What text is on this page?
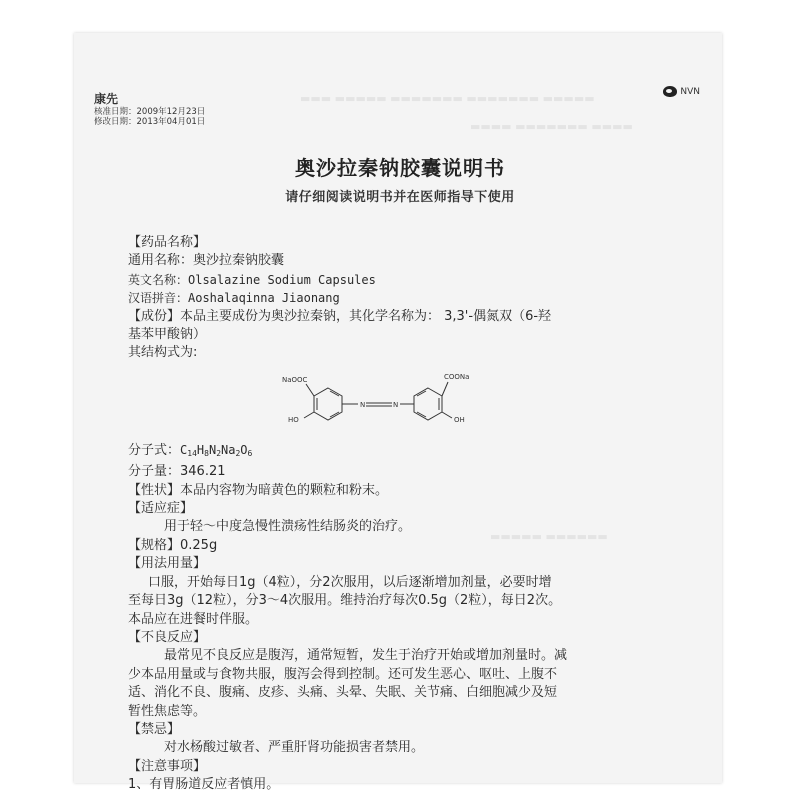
▬▬▬ ▬▬▬▬▬ ▬▬▬▬▬▬▬ ▬▬▬▬▬▬▬ ▬▬▬▬▬
▬▬▬▬ ▬▬▬▬▬▬▬ ▬▬▬▬
▬▬▬▬▬ ▬▬▬▬▬▬
康先
核准日期：2009年12月23日
修改日期：2013年04月01日
NVN
奥沙拉秦钠胶囊说明书
请仔细阅读说明书并在医师指导下使用

【药品名称】

通用名称：奥沙拉秦钠胶囊

英文名称：Olsalazine Sodium Capsules

汉语拼音：Aoshalaqinna Jiaonang

【成份】本品主要成份为奥沙拉秦钠，其化学名称为： 3,3'-偶氮双（6-羟

基苯甲酸钠）

其结构式为:

N	N
NaOOC
HO
COONa
OH

分子式：$C_{14}H_8N_2Na_2O_6$

分子量：346.21

【性状】本品内容物为暗黄色的颗粒和粉末。

【适应症】

用于轻～中度急慢性溃疡性结肠炎的治疗。

【规格】0.25g

【用法用量】

口服，开始每日1g（4粒），分2次服用，以后逐渐增加剂量，必要时增

至每日3g（12粒），分3～4次服用。维持治疗每次0.5g（2粒），每日2次。

本品应在进餐时伴服。

【不良反应】

最常见不良反应是腹泻，通常短暂，发生于治疗开始或增加剂量时。减

少本品用量或与食物共服，腹泻会得到控制。还可发生恶心、呕吐、上腹不

适、消化不良、腹痛、皮疹、头痛、头晕、失眠、关节痛、白细胞减少及短

暂性焦虑等。

【禁忌】

对水杨酸过敏者、严重肝肾功能损害者禁用。

【注意事项】

1、有胃肠道反应者慎用。
